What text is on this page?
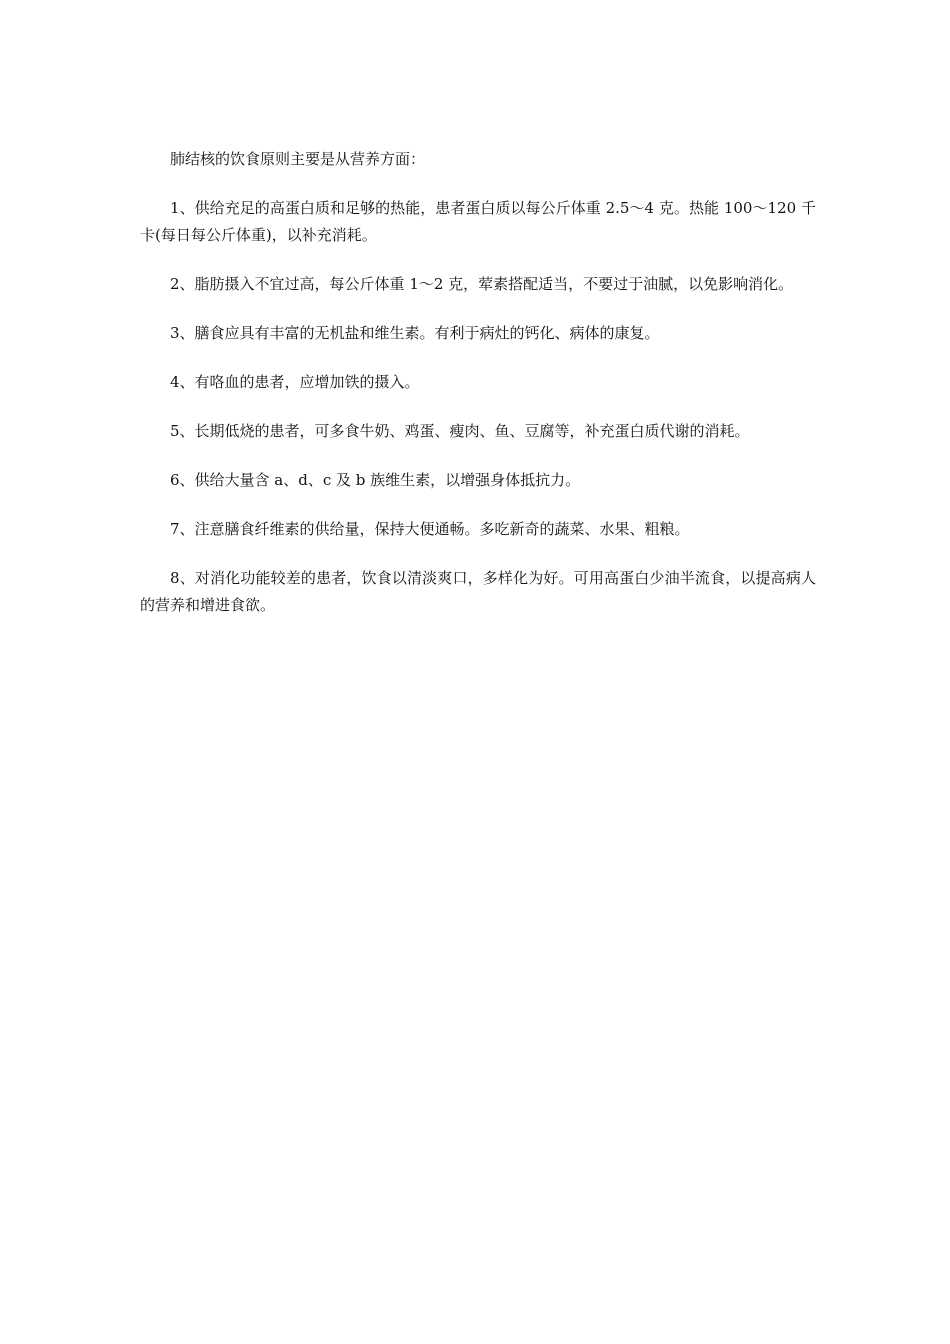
肺结核的饮食原则主要是从营养方面：

1、供给充足的高蛋白质和足够的热能，患者蛋白质以每公斤体重 2.5～4 克。热能 100～120 千卡(每日每公斤体重)，以补充消耗。

2、脂肪摄入不宜过高，每公斤体重 1～2 克，荤素搭配适当，不要过于油腻，以免影响消化。

3、膳食应具有丰富的无机盐和维生素。有利于病灶的钙化、病体的康复。

4、有咯血的患者，应增加铁的摄入。

5、长期低烧的患者，可多食牛奶、鸡蛋、瘦肉、鱼、豆腐等，补充蛋白质代谢的消耗。

6、供给大量含 a、d、c 及 b 族维生素，以增强身体抵抗力。

7、注意膳食纤维素的供给量，保持大便通畅。多吃新奇的蔬菜、水果、粗粮。

8、对消化功能较差的患者，饮食以清淡爽口，多样化为好。可用高蛋白少油半流食，以提高病人的营养和增进食欲。
